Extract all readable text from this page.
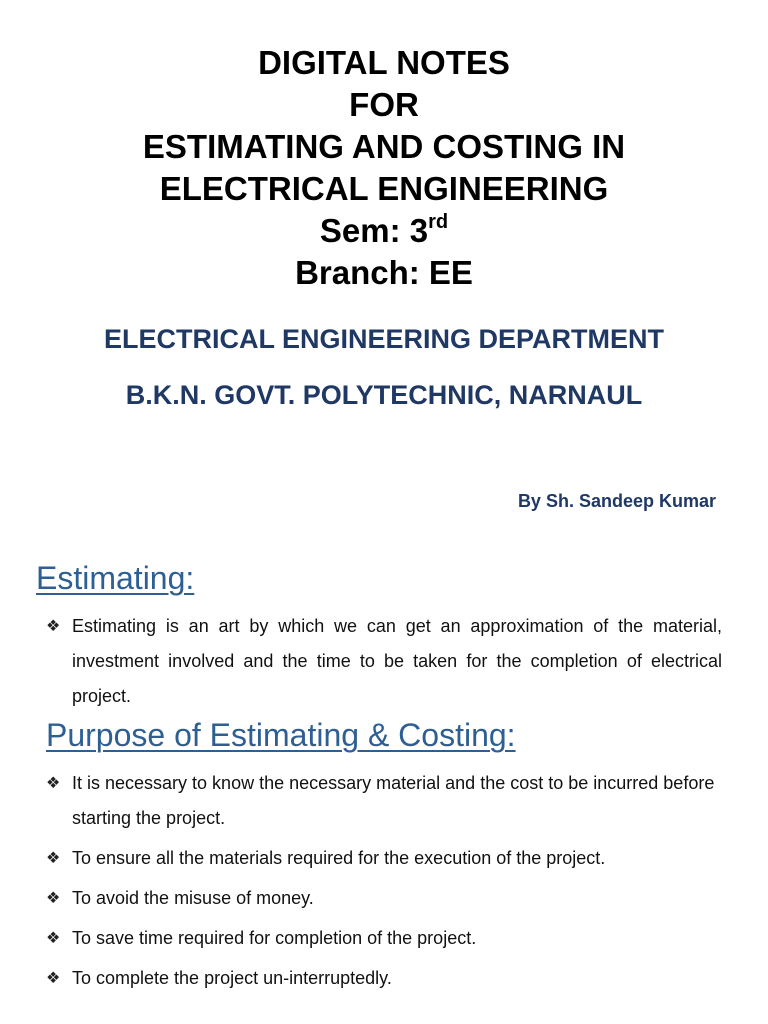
DIGITAL NOTES
FOR
ESTIMATING AND COSTING IN
ELECTRICAL ENGINEERING
Sem: 3rd
Branch: EE
ELECTRICAL ENGINEERING DEPARTMENT
B.K.N. GOVT. POLYTECHNIC, NARNAUL
By Sh. Sandeep Kumar
Estimating:
❖ Estimating is an art by which we can get an approximation of the material, investment involved and the time to be taken for the completion of electrical project.
Purpose of Estimating & Costing:
❖ It is necessary to know the necessary material and the cost to be incurred before starting the project.
❖ To ensure all the materials required for the execution of the project.
❖ To avoid the misuse of money.
❖ To save time required for completion of the project.
❖ To complete the project un-interruptedly.
